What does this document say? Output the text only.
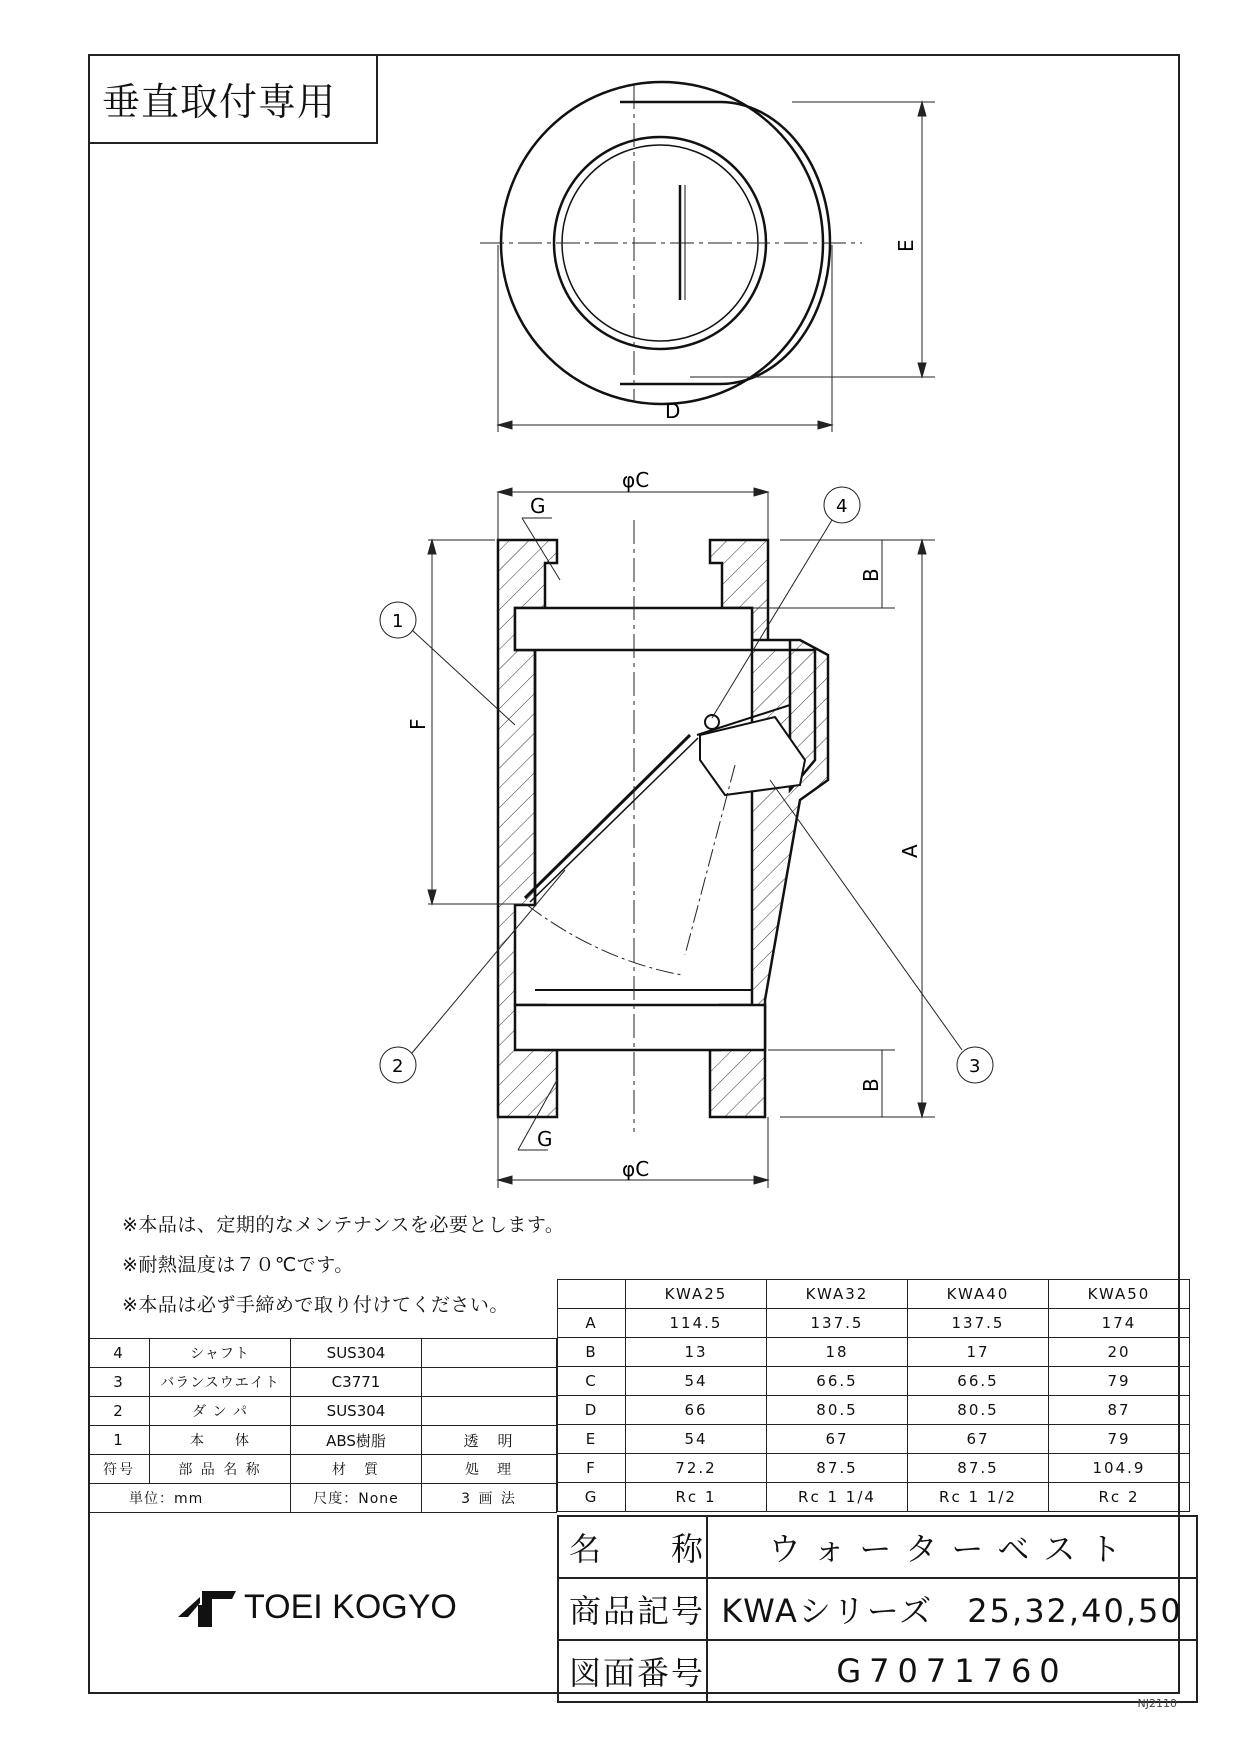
垂直取付専用
D
E
φC
φC
G
G
B
B
F
A
1
2	3
4
※本品は、定期的なメンテナンスを必要とします。
※耐熱温度は７０℃です。
※本品は必ず手締めで取り付けてください。
		KWA25	KWA32	KWA40	KWA50
A	114.5	137.5	137.5	174
B	13	18	17	20
C	54	66.5	66.5	79
D	66	80.5	80.5	87
E	54	67	67	79
F	72.2	87.5	87.5	104.9
G	Rc 1	Rc 1 1/4	Rc 1 1/2	Rc 2
4	シャフト	SUS304	
3	バランスウエイト	C3771	
2	ダ ン パ	SUS304	
1	本　　体	ABS樹脂	透　明
符号	部 品 名 称	材　質	処　理
単位：mm		尺度：None	3 画 法
名　　称	ウォーターベスト
商品記号	KWAシリーズ　25,32,40,50
図面番号	G7071760
TOEI KOGYO
NJ2110
